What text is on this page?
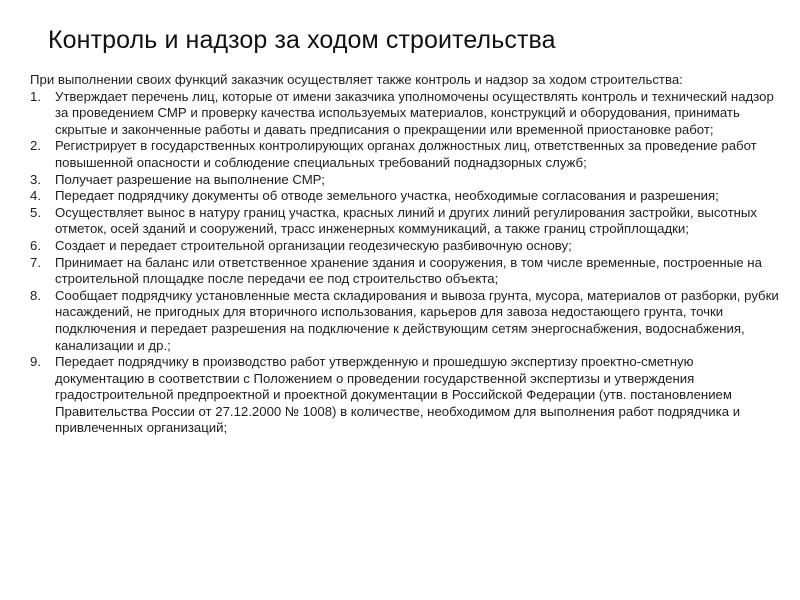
Контроль и надзор за ходом строительства

При выполнении своих функций заказчик осуществляет также контроль и надзор за ходом строительства:

1. Утверждает перечень лиц, которые от имени заказчика уполномочены осуществлять контроль и технический надзор за проведением СМР и проверку качества используемых материалов, конструкций и оборудования, принимать скрытые и законченные работы и давать предписания о прекращении или временной приостановке работ;
2. Регистрирует в государственных контролирующих органах должностных лиц, ответственных за проведение работ повышенной опасности и соблюдение специальных требований поднадзорных служб;
3. Получает разрешение на выполнение СМР;
4. Передает подрядчику документы об отводе земельного участка, необходимые согласования и разрешения;
5. Осуществляет вынос в натуру границ участка, красных линий и других линий регулирования застройки, высотных отметок, осей зданий и сооружений, трасс инженерных коммуникаций, а также границ стройплощадки;
6. Создает и передает строительной организации геодезическую разбивочную основу;
7. Принимает на баланс или ответственное хранение здания и сооружения, в том числе временные, построенные на строительной площадке после передачи ее под строительство объекта;
8. Сообщает подрядчику установленные места складирования и вывоза грунта, мусора, материалов от разборки, рубки насаждений, не пригодных для вторичного использования, карьеров для завоза недостающего грунта, точки подключения и передает разрешения на подключение к действующим сетям энергоснабжения, водоснабжения, канализации и др.;
9. Передает подрядчику в производство работ утвержденную и прошедшую экспертизу проектно-сметную документацию в соответствии с Положением о проведении государственной экспертизы и утверждения градостроительной предпроектной и проектной документации в Российской Федерации (утв. постановлением Правительства России от 27.12.2000 № 1008) в количестве, необходимом для выполнения работ подрядчика и привлеченных организаций;
